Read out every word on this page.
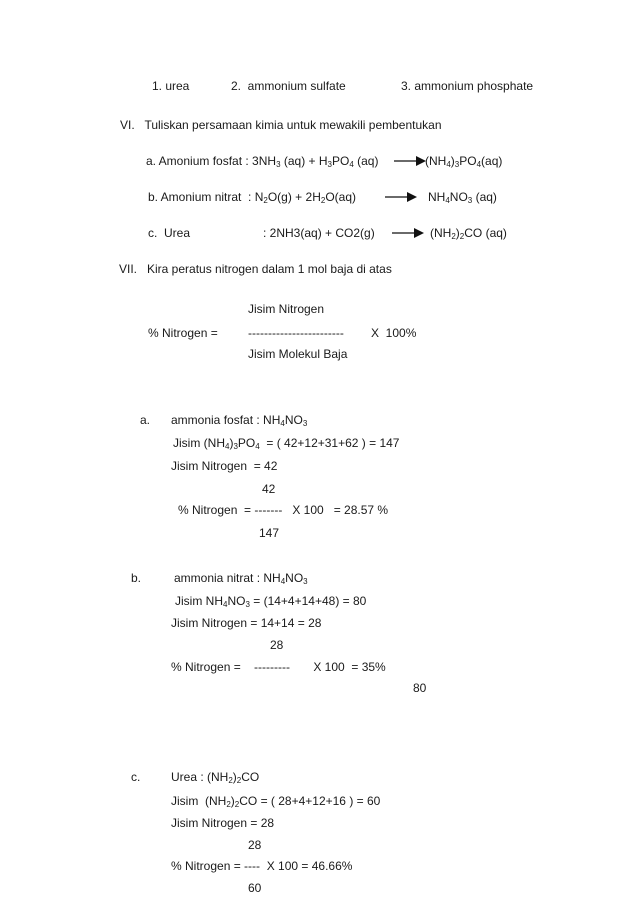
1. urea	2.  ammonium sulfate	3. ammonium phosphate
VI.   Tuliskan persamaan kimia untuk mewakili pembentukan
a. Amonium fosfat : $3NH_3$ $(aq) + H_3PO_4$ $(aq) \to (NH_4)_3PO_4(aq)$
b. Amonium nitrat  : $N_2O(g) + 2H_2O(aq) \to NH_4NO_3$ (aq)
c.  Urea	: $2NH3(aq) + CO2(g) \to (NH_2)_2CO$ (aq)
VII.   Kira peratus nitrogen dalam 1 mol baja di atas
Jisim Nitrogen
% Nitrogen =	------------------------ X  100%
Jisim Molekul Baja
a. ammonia fosfat : $NH_4NO_3$
Jisim $(NH_4)_3PO_4$  = ( 42+12+31+62 ) = 147
Jisim Nitrogen  = 42
42
% Nitrogen  = -------   X 100   = 28.57 %
147
b.	ammonia nitrat : $NH_4NO_3$
Jisim $NH_4NO_3 = (14+4+14+48) = 80$
Jisim Nitrogen = 14+14 = 28
28
% Nitrogen =    ---------       X 100  = 35%
80
c.	Urea : $(NH_2)_2CO$
Jisim  $(NH_2)_2CO$ = ( 28+4+12+16 ) = 60
Jisim Nitrogen = 28
28
% Nitrogen = ----  X 100 = 46.66%
60
